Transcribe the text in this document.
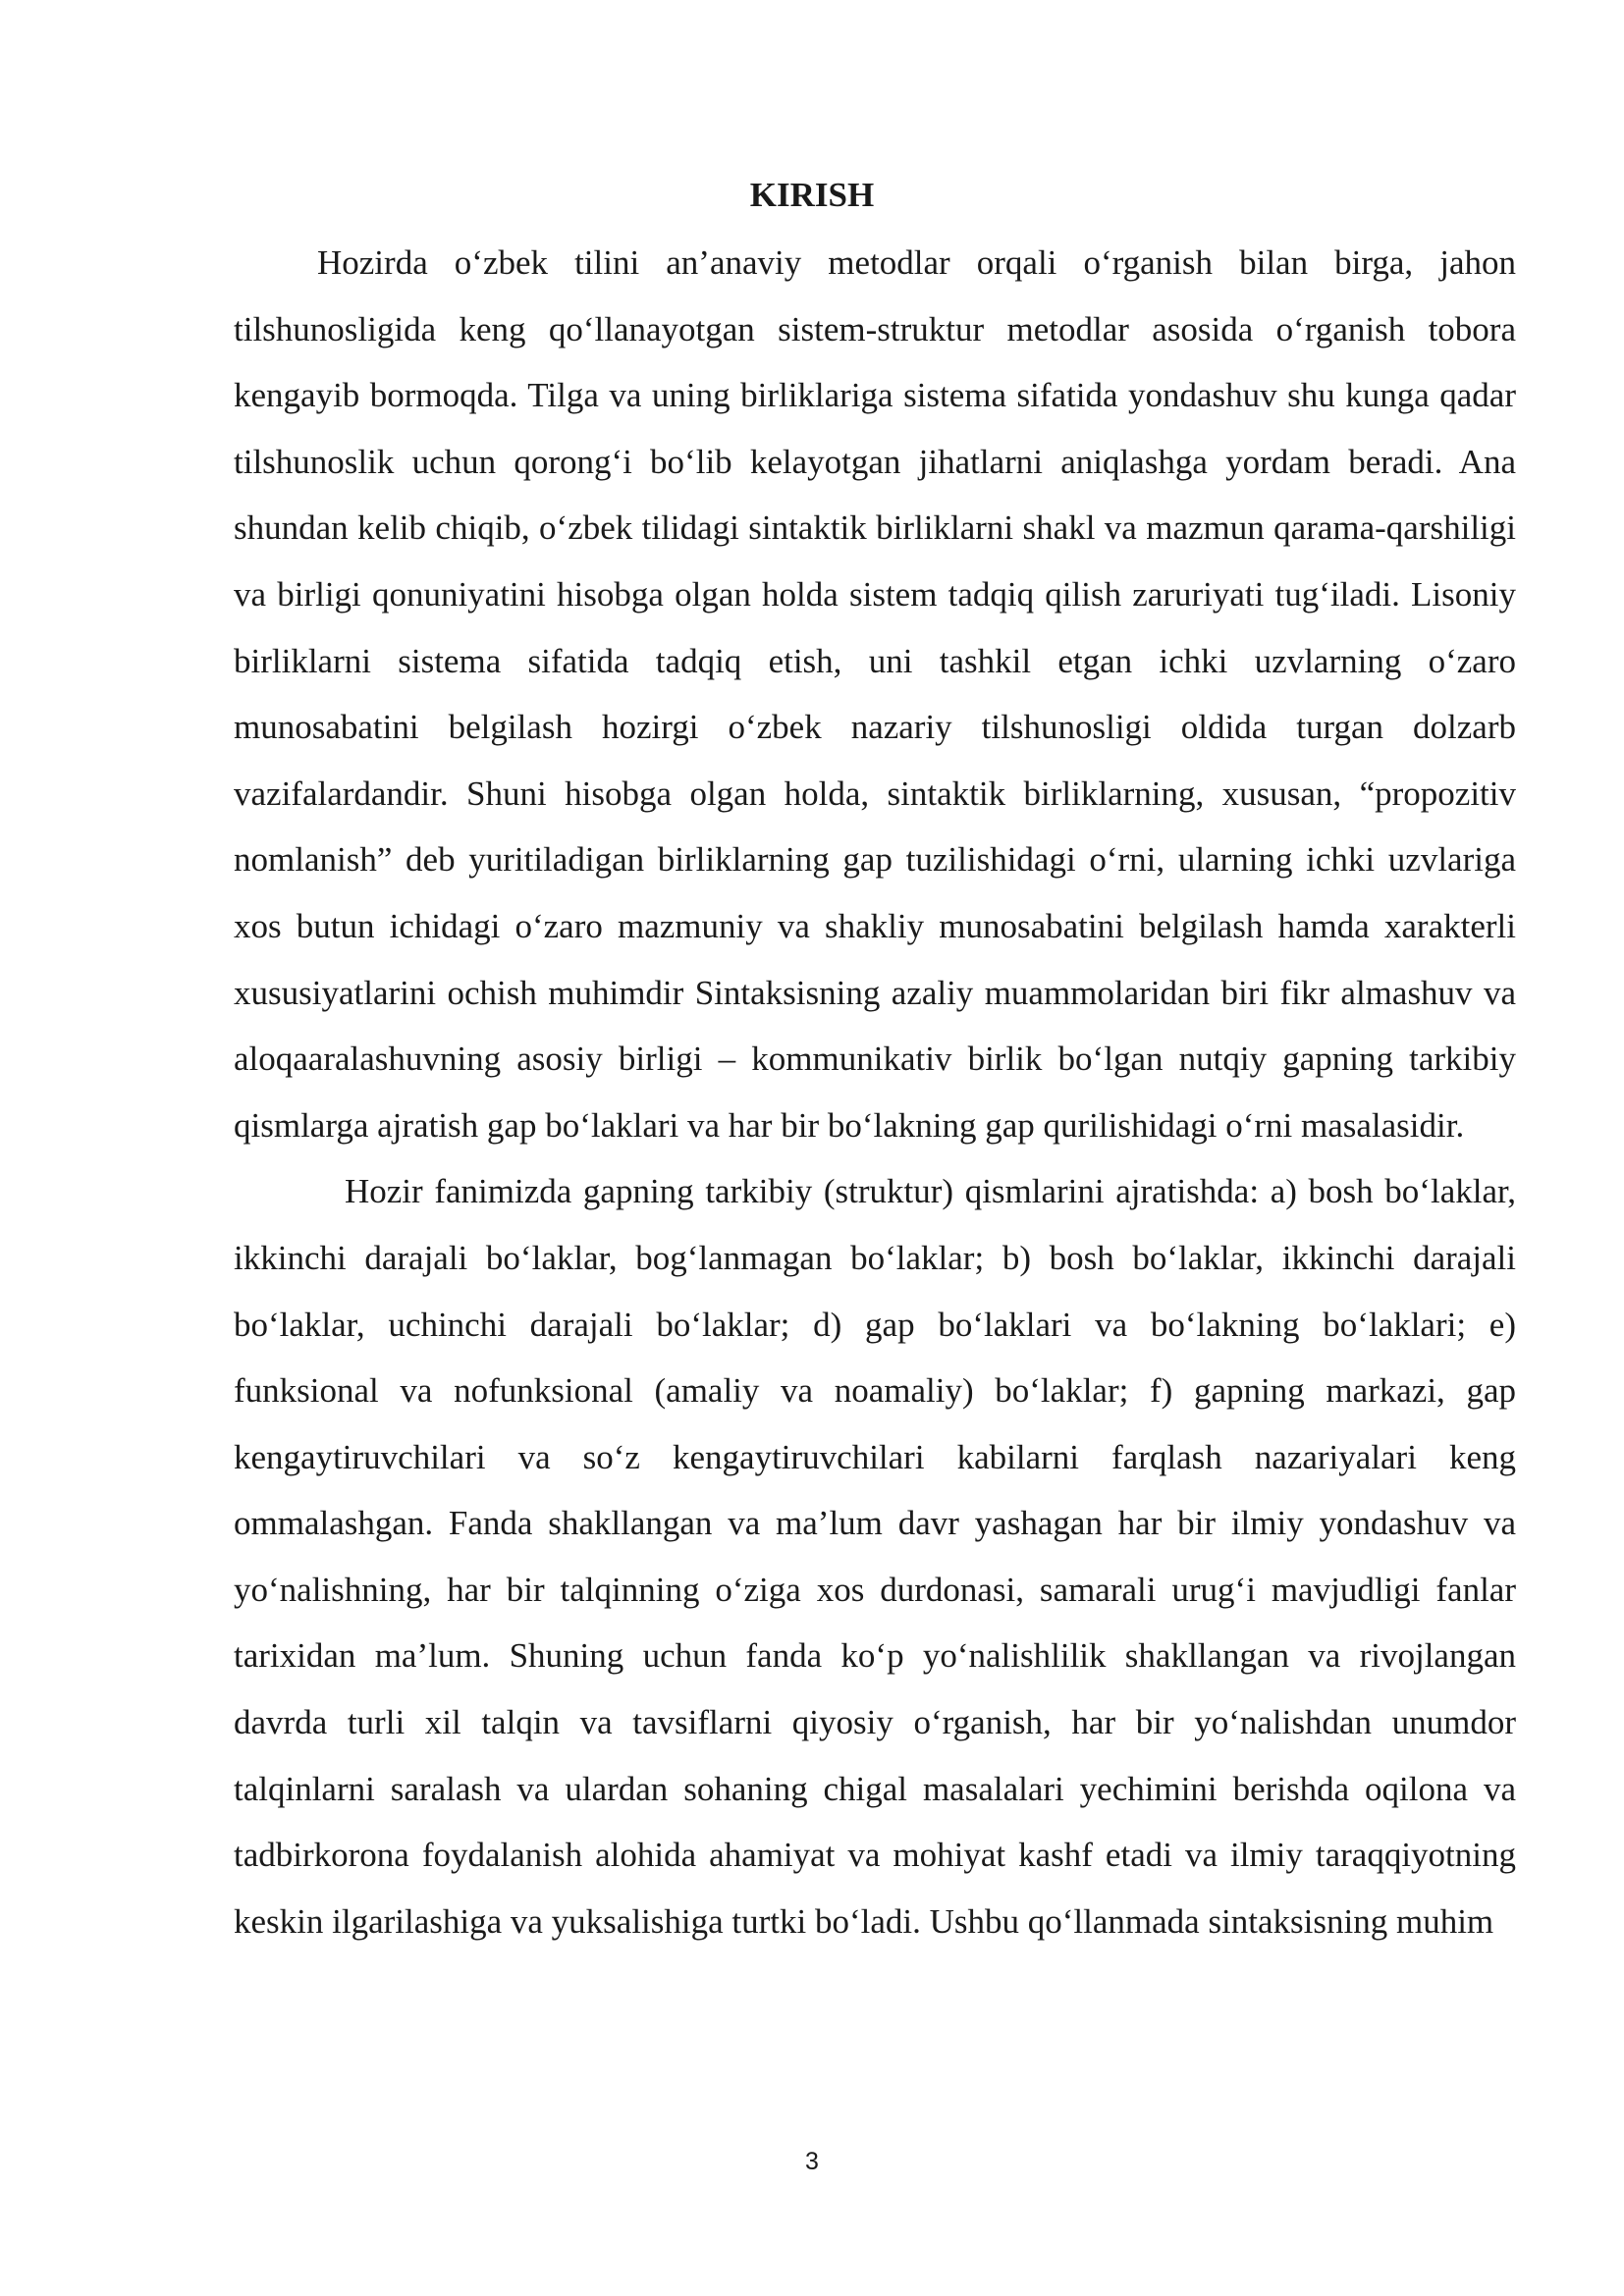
KIRISH

Hozirda o‘zbek tilini an’anaviy metodlar orqali o‘rganish bilan birga, jahon tilshunosligida keng qo‘llanayotgan sistem-struktur metodlar asosida o‘rganish tobora kengayib bormoqda. Tilga va uning birliklariga sistema sifatida yondashuv shu kunga qadar tilshunoslik uchun qorong‘i bo‘lib kelayotgan jihatlarni aniqlashga yordam beradi. Ana shundan kelib chiqib, o‘zbek tilidagi sintaktik birliklarni shakl va mazmun qarama-qarshiligi va birligi qonuniyatini hisobga olgan holda sistem tadqiq qilish zaruriyati tug‘iladi. Lisoniy birliklarni sistema sifatida tadqiq etish, uni tashkil etgan ichki uzvlarning o‘zaro munosabatini belgilash hozirgi o‘zbek nazariy tilshunosligi oldida turgan dolzarb vazifalardandir. Shuni hisobga olgan holda, sintaktik birliklarning, xususan, “propozitiv nomlanish” deb yuritiladigan birliklarning gap tuzilishidagi o‘rni, ularning ichki uzvlariga xos butun ichidagi o‘zaro mazmuniy va shakliy munosabatini belgilash hamda xarakterli xususiyatlarini ochish muhimdir Sintaksisning azaliy muammolaridan biri fikr almashuv va aloqaaralashuvning asosiy birligi – kommunikativ birlik bo‘lgan nutqiy gapning tarkibiy qismlarga ajratish gap bo‘laklari va har bir bo‘lakning gap qurilishidagi o‘rni masalasidir.

Hozir fanimizda gapning tarkibiy (struktur) qismlarini ajratishda: a) bosh bo‘laklar, ikkinchi darajali bo‘laklar, bog‘lanmagan bo‘laklar; b) bosh bo‘laklar, ikkinchi darajali bo‘laklar, uchinchi darajali bo‘laklar; d) gap bo‘laklari va bo‘lakning bo‘laklari; e) funksional va nofunksional (amaliy va noamaliy) bo‘laklar; f) gapning markazi, gap kengaytiruvchilari va so‘z kengaytiruvchilari kabilarni farqlash nazariyalari keng ommalashgan. Fanda shakllangan va ma’lum davr yashagan har bir ilmiy yondashuv va yo‘nalishning, har bir talqinning o‘ziga xos durdonasi, samarali urug‘i mavjudligi fanlar tarixidan ma’lum. Shuning uchun fanda ko‘p yo‘nalishlilik shakllangan va rivojlangan davrda turli xil talqin va tavsiflarni qiyosiy o‘rganish, har bir yo‘nalishdan unumdor talqinlarni saralash va ulardan sohaning chigal masalalari yechimini berishda oqilona va tadbirkorona foydalanish alohida ahamiyat va mohiyat kashf etadi va ilmiy taraqqiyotning keskin ilgarilashiga va yuksalishiga turtki bo‘ladi. Ushbu qo‘llanmada sintaksisning muhim

3
